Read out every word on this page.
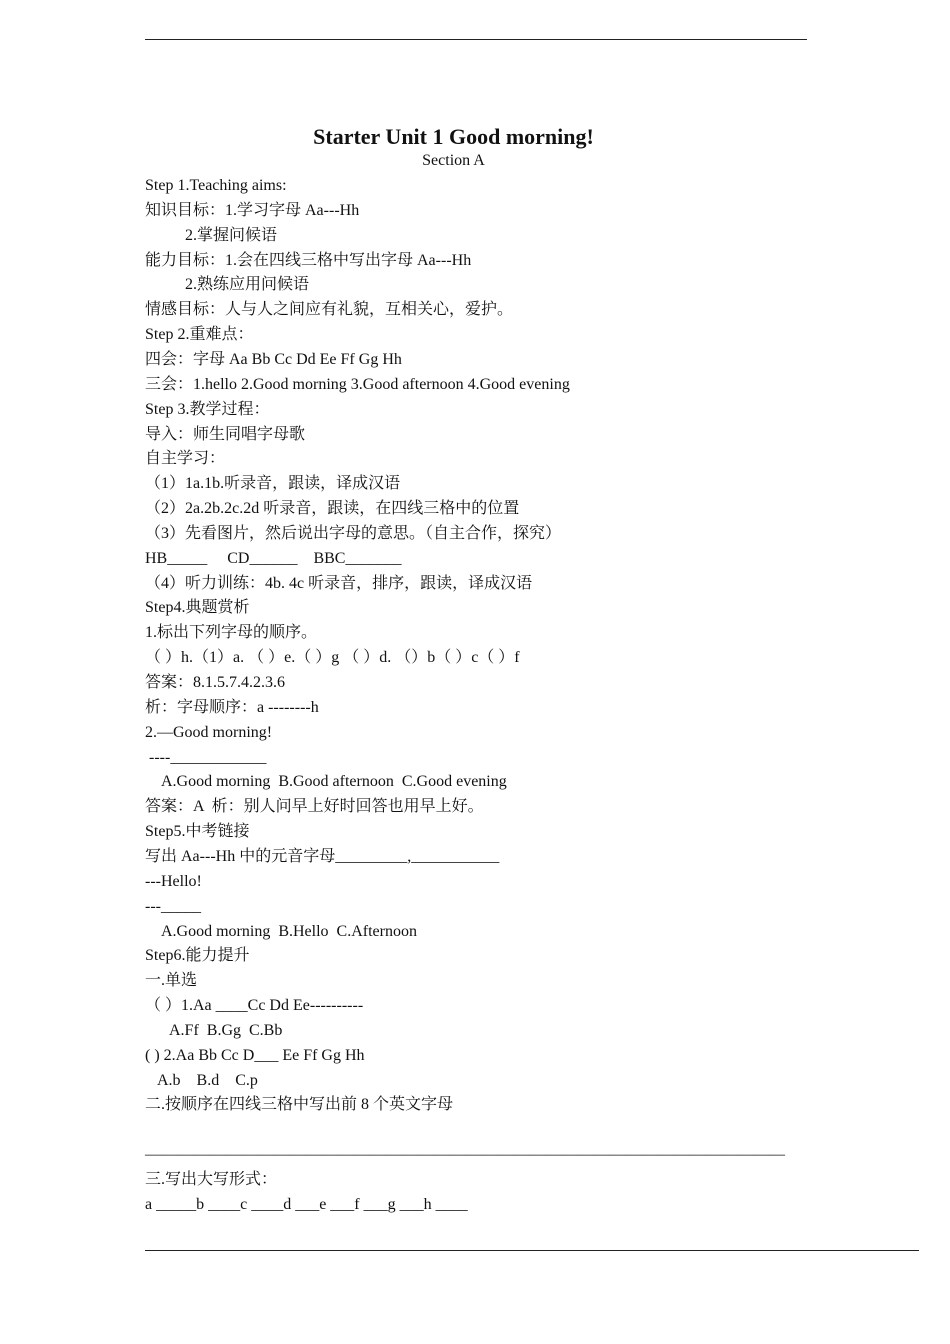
Starter Unit 1 Good morning!
Section A
Step 1.Teaching aims:
知识目标：1.学习字母 Aa---Hh
2.掌握问候语
能力目标：1.会在四线三格中写出字母 Aa---Hh
2.熟练应用问候语
情感目标：人与人之间应有礼貌，互相关心，爱护。
Step 2.重难点：
四会：字母 Aa Bb Cc Dd Ee Ff Gg Hh
三会：1.hello 2.Good morning 3.Good afternoon 4.Good evening
Step 3.教学过程：
导入：师生同唱字母歌
自主学习：
（1）1a.1b.听录音，跟读，译成汉语
（2）2a.2b.2c.2d 听录音，跟读，在四线三格中的位置
（3）先看图片，然后说出字母的意思。（自主合作，探究）
HB_____     CD______    BBC_______
（4）听力训练：4b. 4c 听录音，排序，跟读，译成汉语
Step4.典题赏析
1.标出下列字母的顺序。
（ ）h.（1）a. （ ）e.（ ）g （ ）d. （）b（ ）c（ ）f
答案：8.1.5.7.4.2.3.6
析：字母顺序：a --------h
2.—Good morning!
----____________
A.Good morning  B.Good afternoon  C.Good evening
答案：A  析：别人问早上好时回答也用早上好。
Step5.中考链接
写出 Aa---Hh 中的元音字母_________,___________
---Hello!
---_____
A.Good morning  B.Hello  C.Afternoon
Step6.能力提升
一.单选
（ ）1.Aa ____Cc Dd Ee----------
A.Ff  B.Gg  C.Bb
( ) 2.Aa Bb Cc D___ Ee Ff Gg Hh
A.b    B.d    C.p
二.按顺序在四线三格中写出前 8 个英文字母
————————————————————————————————————————
三.写出大写形式：
a _____b ____c ____d ___e ___f ___g ___h ____
